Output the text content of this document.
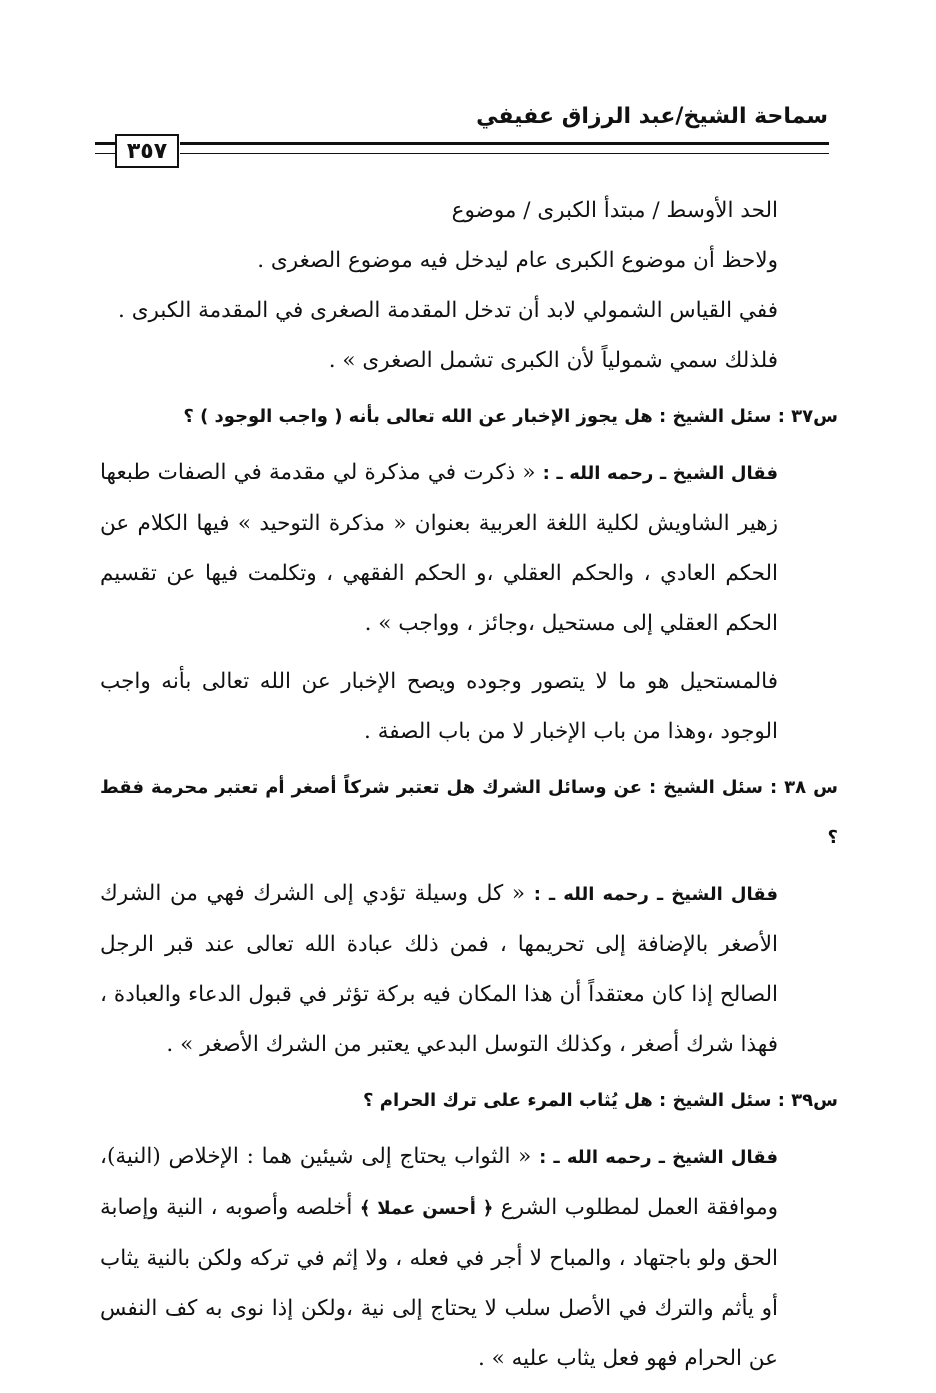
سماحة الشيخ/عبد الرزاق عفيفي
٣٥٧

الحد الأوسط / مبتدأ الكبرى / موضوع

ولاحظ أن موضوع الكبرى عام ليدخل فيه موضوع الصغرى .

ففي القياس الشمولي لابد أن تدخل المقدمة الصغرى في المقدمة الكبرى .

فلذلك سمي شمولياً لأن الكبرى تشمل الصغرى » .

س٣٧ : سئل الشيخ : هل يجوز الإخبار عن الله تعالى بأنه ( واجب الوجود ) ؟

فقال الشيخ ـ رحمه الله ـ : « ذكرت في مذكرة لي مقدمة في الصفات طبعها زهير الشاويش لكلية اللغة العربية بعنوان « مذكرة التوحيد » فيها الكلام عن الحكم العادي ، والحكم العقلي ،و الحكم الفقهي ، وتكلمت فيها عن تقسيم الحكم العقلي إلى مستحيل ،وجائز ، وواجب » .

فالمستحيل هو ما لا يتصور وجوده ويصح الإخبار عن الله تعالى بأنه واجب الوجود ،وهذا من باب الإخبار لا من باب الصفة .

س ٣٨ : سئل الشيخ : عن وسائل الشرك هل تعتبر شركاً أصغر أم تعتبر محرمة فقط ؟

فقال الشيخ ـ رحمه الله ـ : « كل وسيلة تؤدي إلى الشرك فهي من الشرك الأصغر بالإضافة إلى تحريمها ، فمن ذلك عبادة الله تعالى عند قبر الرجل الصالح إذا كان معتقداً أن هذا المكان فيه بركة تؤثر في قبول الدعاء والعبادة ، فهذا شرك أصغر ، وكذلك التوسل البدعي يعتبر من الشرك الأصغر » .

س٣٩ : سئل الشيخ : هل يُثاب المرء على ترك الحرام ؟

فقال الشيخ ـ رحمه الله ـ : « الثواب يحتاج إلى شيئين هما : الإخلاص (النية)، وموافقة العمل لمطلوب الشرع ﴿ أحسن عملا ﴾ أخلصه وأصوبه ، النية وإصابة الحق ولو باجتهاد ، والمباح لا أجر في فعله ، ولا إثم في تركه ولكن بالنية يثاب أو يأثم والترك في الأصل سلب لا يحتاج إلى نية ،ولكن إذا نوى به كف النفس عن الحرام فهو فعل يثاب عليه » .
